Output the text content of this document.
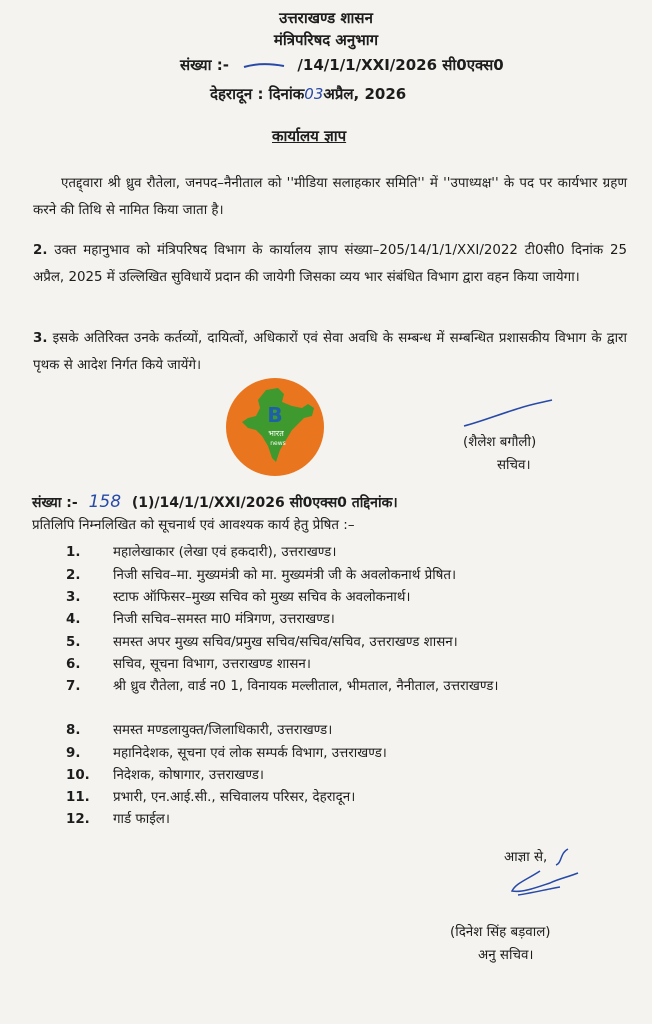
उत्तराखण्ड शासन
मंत्रिपरिषद अनुभाग
संख्या :-	/14/1/1/XXI/2026 सी0एक्स0
देहरादून : दिनांक03अप्रैल, 2026
कार्यालय ज्ञाप
एतद्द्वारा श्री ध्रुव रौतेला, जनपद–नैनीताल को ''मीडिया सलाहकार समिति'' में ''उपाध्यक्ष'' के पद पर कार्यभार ग्रहण करने की तिथि से नामित किया जाता है।
2. उक्त महानुभाव को मंत्रिपरिषद विभाग के कार्यालय ज्ञाप संख्या–205/14/1/1/XXI/2022 टी0सी0 दिनांक 25 अप्रैल, 2025 में उल्लिखित सुविधायें प्रदान की जायेगी जिसका व्यय भार संबंधित विभाग द्वारा वहन किया जायेगा।
3. इसके अतिरिक्त उनके कर्तव्यों, दायित्वों, अधिकारों एवं सेवा अवधि के सम्बन्ध में सम्बन्धित प्रशासकीय विभाग के द्वारा पृथक से आदेश निर्गत किये जायेंगे।
B
भारत
news	(शैलेश बगौली)
सचिव।
संख्या :- 158 (1)/14/1/1/XXI/2026 सी0एक्स0 तद्दिनांक।
प्रतिलिपि निम्नलिखित को सूचनार्थ एवं आवश्यक कार्य हेतु प्रेषित :–
1.	महालेखाकार (लेखा एवं हकदारी), उत्तराखण्ड।
2.	निजी सचिव–मा. मुख्यमंत्री को मा. मुख्यमंत्री जी के अवलोकनार्थ प्रेषित।
3.	स्टाफ ऑफिसर–मुख्य सचिव को मुख्य सचिव के अवलोकनार्थ।
4.	निजी सचिव–समस्त मा0 मंत्रिगण, उत्तराखण्ड।
5.	समस्त अपर मुख्य सचिव/प्रमुख सचिव/सचिव/सचिव, उत्तराखण्ड शासन।
6.	सचिव, सूचना विभाग, उत्तराखण्ड शासन।
7.	श्री ध्रुव रौतेला, वार्ड न0 1, विनायक मल्लीताल, भीमताल, नैनीताल, उत्तराखण्ड।
8.	समस्त मण्डलायुक्त/जिलाधिकारी, उत्तराखण्ड।
9.	महानिदेशक, सूचना एवं लोक सम्पर्क विभाग, उत्तराखण्ड।
10.	निदेशक, कोषागार, उत्तराखण्ड।
11.	प्रभारी, एन.आई.सी., सचिवालय परिसर, देहरादून।
12.	गार्ड फाईल।
आज्ञा से,
(दिनेश सिंह बड़वाल)
अनु सचिव।
